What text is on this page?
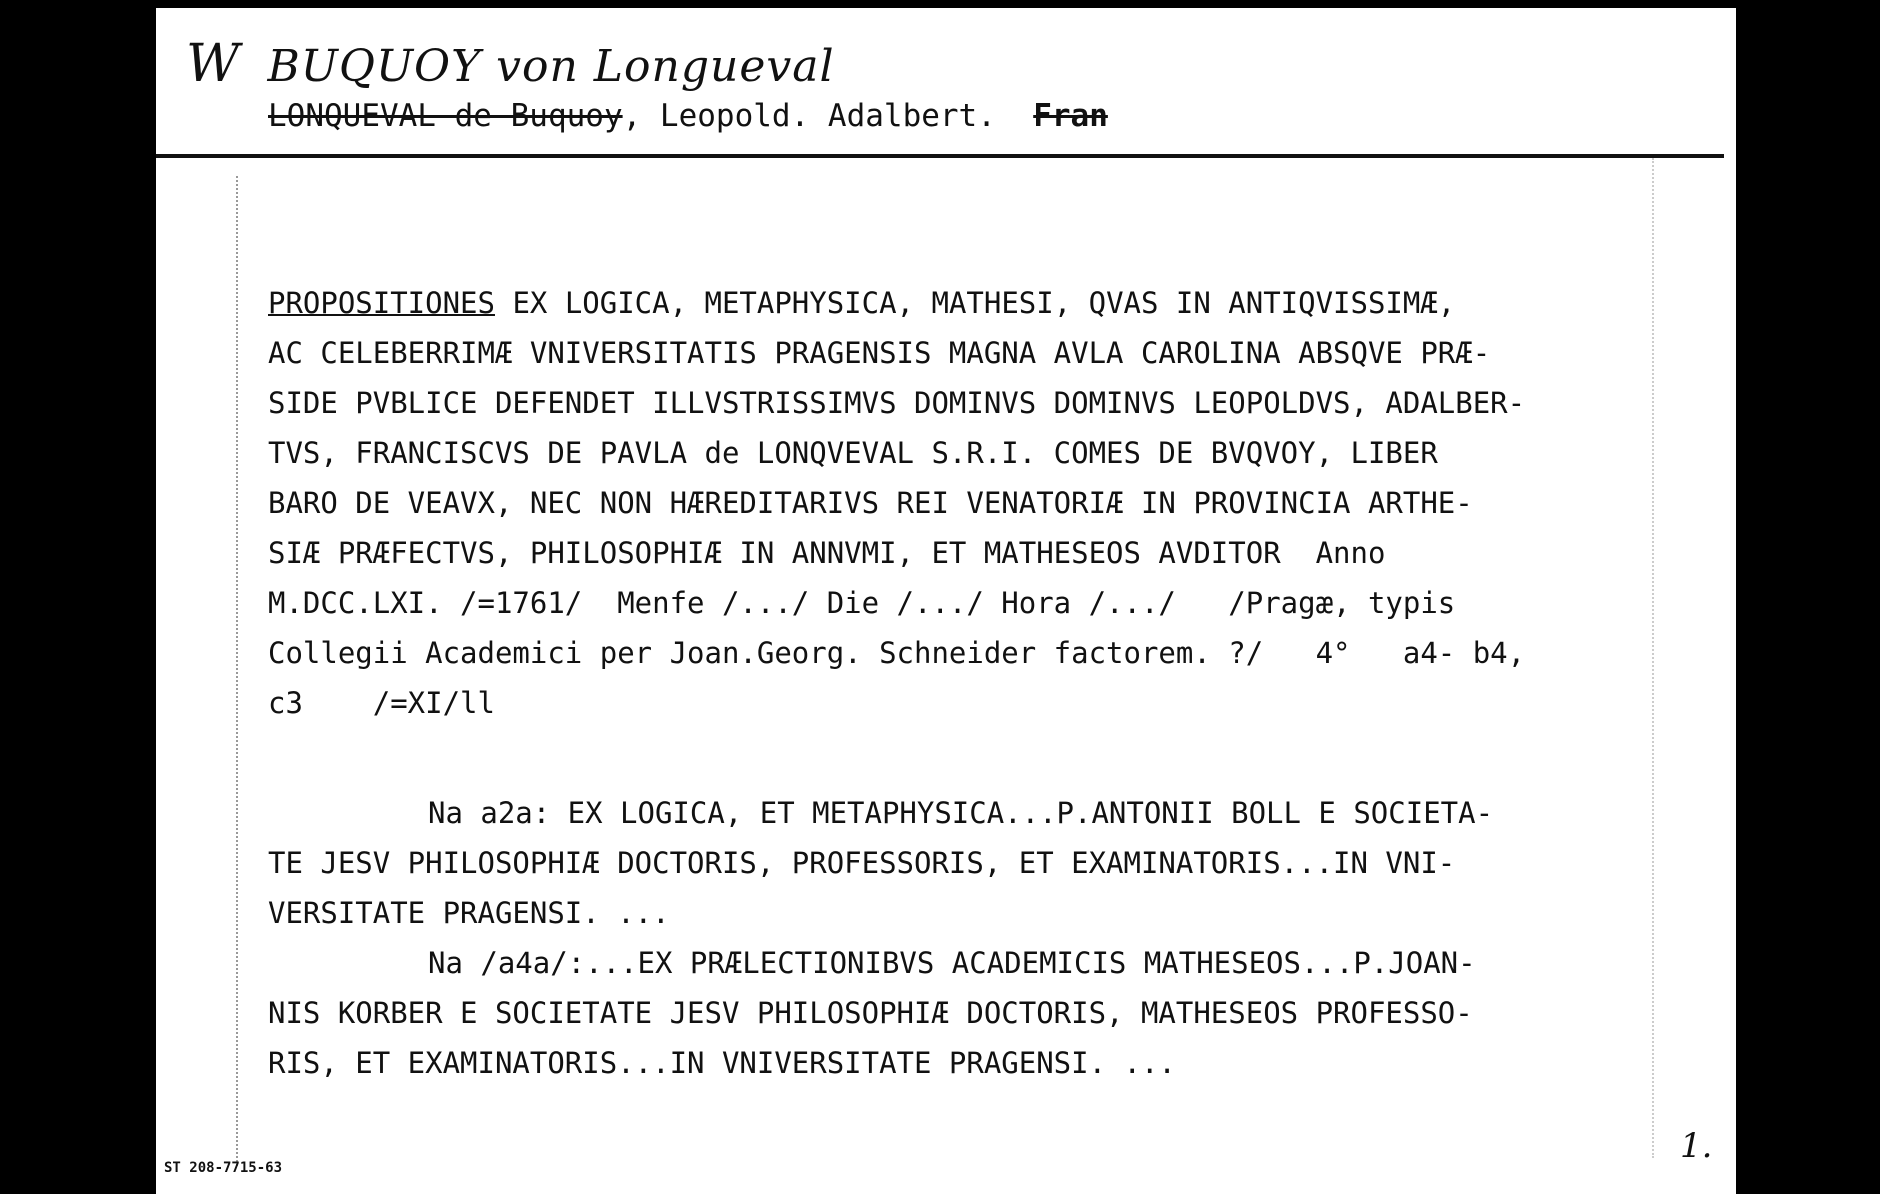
W BUQUOY von Longueval
LONQUEVAL de Buquoy, Leopold. Adalbert. Fran
PROPOSITIONES EX LOGICA, METAPHYSICA, MATHESI, QVAS IN ANTIQVISSIMÆ,
AC CELEBERRIMÆ VNIVERSITATIS PRAGENSIS MAGNA AVLA CAROLINA ABSQVE PRÆ-
SIDE PVBLICE DEFENDET ILLVSTRISSIMVS DOMINVS DOMINVS LEOPOLDVS, ADALBER-
TVS, FRANCISCVS DE PAVLA de LONQVEVAL S.R.I. COMES DE BVQVOY, LIBER
BARO DE VEAVX, NEC NON HÆREDITARIVS REI VENATORIÆ IN PROVINCIA ARTHE-
SIÆ PRÆFECTVS, PHILOSOPHIÆ IN ANNVMI, ET MATHESEOS AVDITOR  Anno
M.DCC.LXI. /=1761/  Menfe /.../ Die /.../ Hora /.../   /Pragæ, typis
Collegii Academici per Joan.Georg. Schneider factorem. ?/   4°   a4- b4,
c3    /=XI/ll
Na a2a: EX LOGICA, ET METAPHYSICA...P.ANTONII BOLL E SOCIETA-
TE JESV PHILOSOPHIÆ DOCTORIS, PROFESSORIS, ET EXAMINATORIS...IN VNI-
VERSITATE PRAGENSI. ...
Na /a4a/:...EX PRÆLECTIONIBVS ACADEMICIS MATHESEOS...P.JOAN-
NIS KORBER E SOCIETATE JESV PHILOSOPHIÆ DOCTORIS, MATHESEOS PROFESSO-
RIS, ET EXAMINATORIS...IN VNIVERSITATE PRAGENSI. ...
ST 208-7715-63
1.
